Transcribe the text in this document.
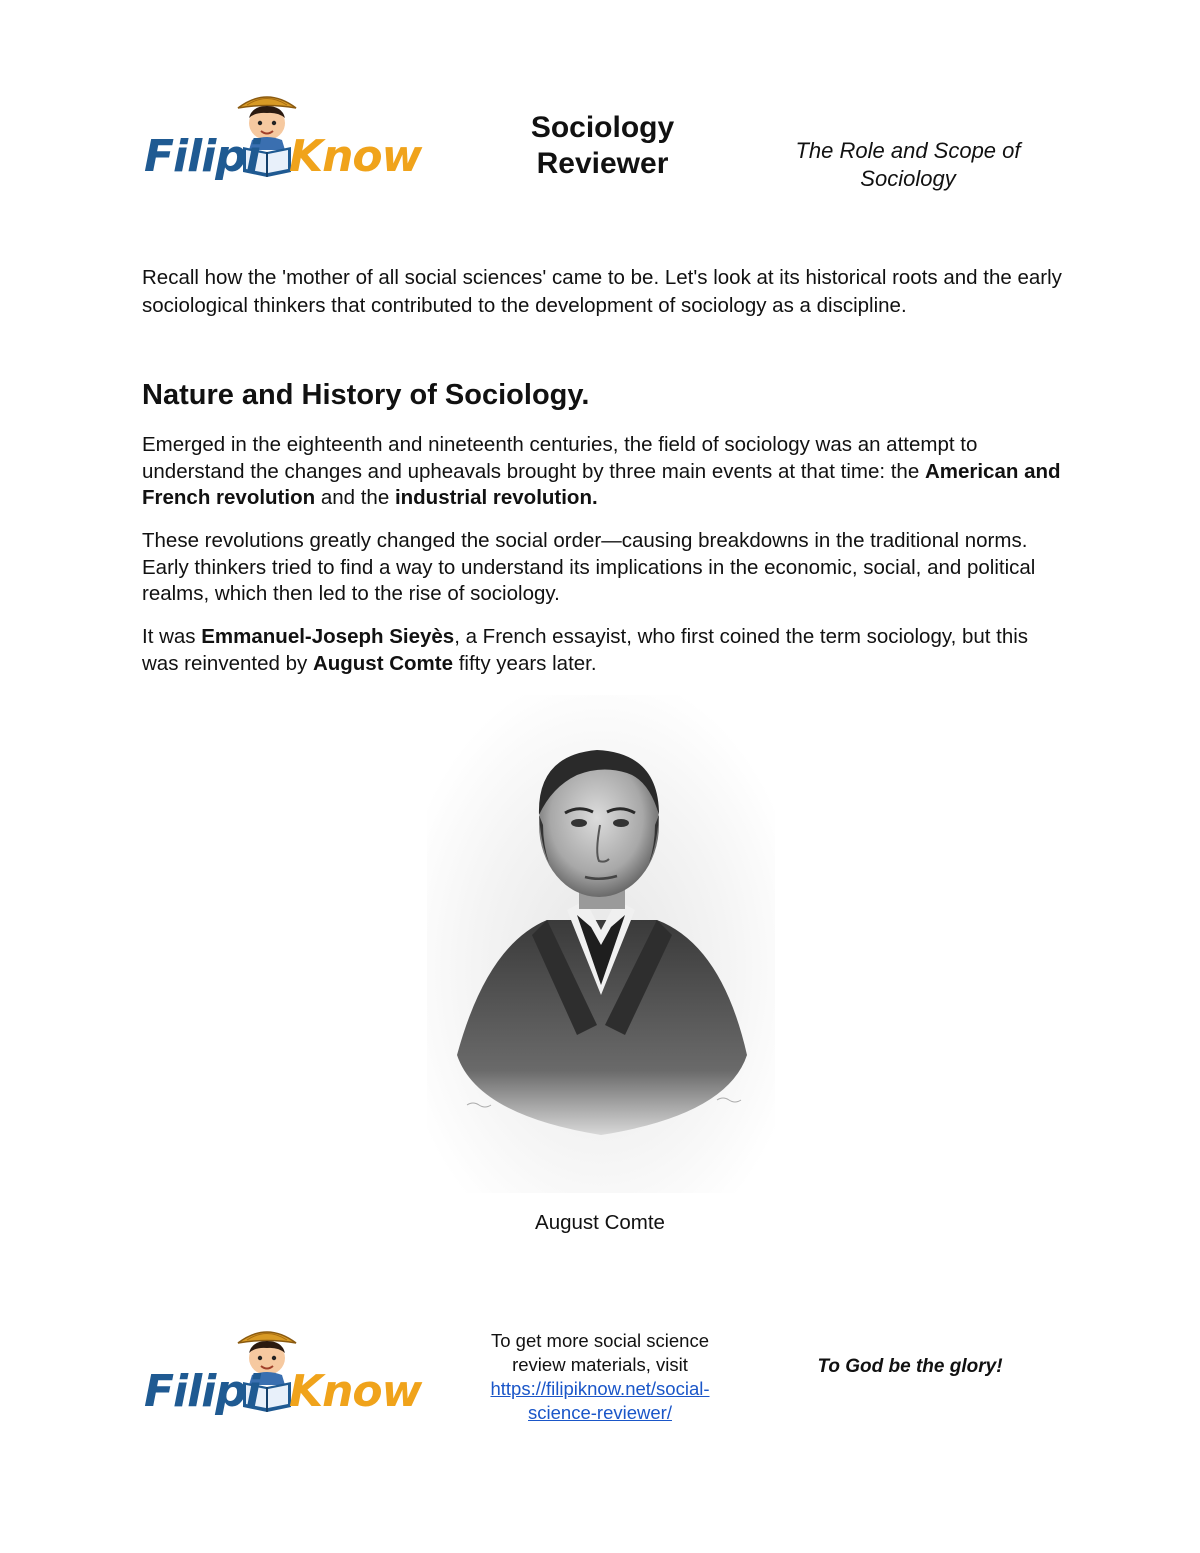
Filipi Know
Sociology
Reviewer	The Role and Scope of
Sociology

Recall how the 'mother of all social sciences' came to be. Let's look at its historical roots and the early sociological thinkers that contributed to the development of sociology as a discipline.

Nature and History of Sociology.

Emerged in the eighteenth and nineteenth centuries, the field of sociology was an attempt to understand the changes and upheavals brought by three main events at that time: the American and French revolution and the industrial revolution.

These revolutions greatly changed the social order—causing breakdowns in the traditional norms. Early thinkers tried to find a way to understand its implications in the economic, social, and political realms, which then led to the rise of sociology.

It was Emmanuel-Joseph Sieyès, a French essayist, who first coined the term sociology, but this was reinvented by August Comte fifty years later.

August Comte
Filipi Know
To get more social science
review materials, visit
https://filipiknow.net/social-
science-reviewer/
To God be the glory!
